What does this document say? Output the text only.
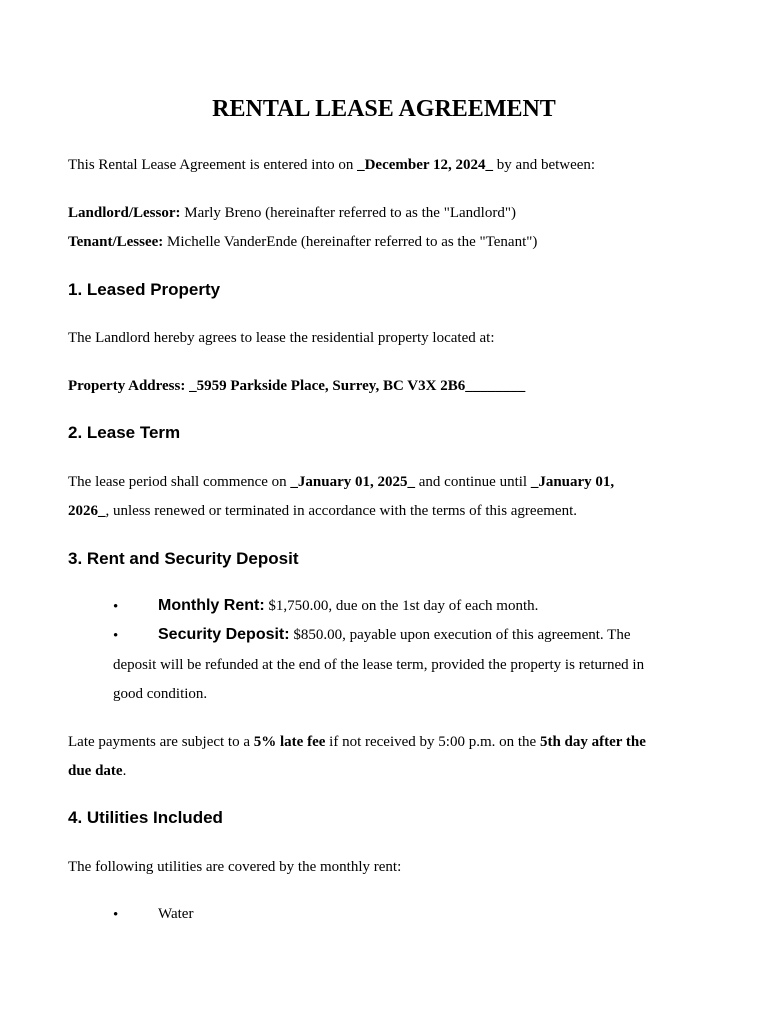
RENTAL LEASE AGREEMENT
This Rental Lease Agreement is entered into on _December 12, 2024_ by and between:
Landlord/Lessor: Marly Breno (hereinafter referred to as the "Landlord")
Tenant/Lessee: Michelle VanderEnde (hereinafter referred to as the "Tenant")
1. Leased Property
The Landlord hereby agrees to lease the residential property located at:
Property Address: _5959 Parkside Place, Surrey, BC V3X 2B6________
2. Lease Term
The lease period shall commence on _January 01, 2025_ and continue until _January 01,
2026_, unless renewed or terminated in accordance with the terms of this agreement.
3. Rent and Security Deposit
• Monthly Rent: $1,750.00, due on the 1st day of each month.
• Security Deposit: $850.00, payable upon execution of this agreement. The
deposit will be refunded at the end of the lease term, provided the property is returned in
good condition.
Late payments are subject to a 5% late fee if not received by 5:00 p.m. on the 5th day after the
due date.
4. Utilities Included
The following utilities are covered by the monthly rent:
•	Water
